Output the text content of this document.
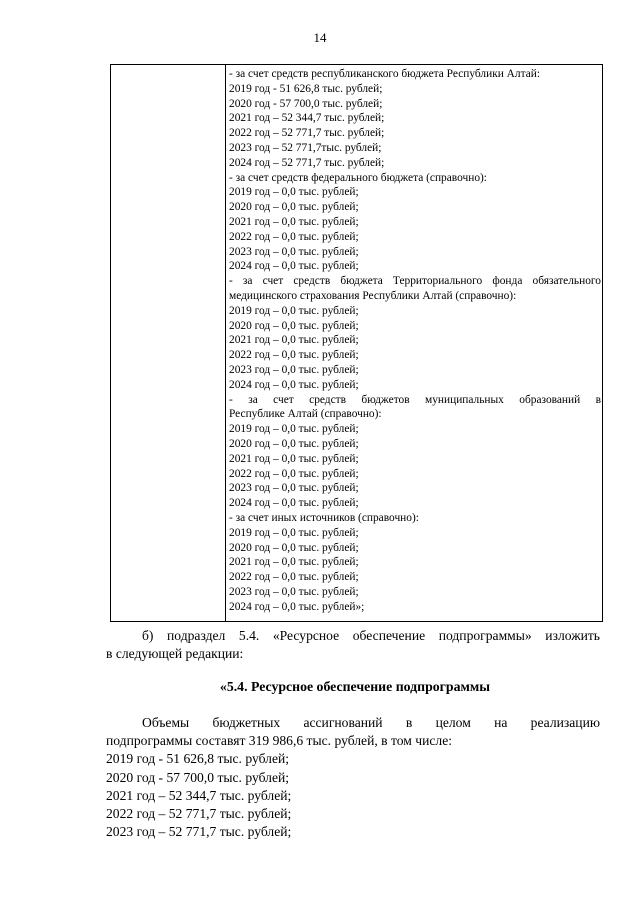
14
- за счет средств республиканского бюджета Республики Алтай:
2019 год - 51 626,8 тыс. рублей;
2020 год - 57 700,0 тыс. рублей;
2021 год – 52 344,7 тыс. рублей;
2022 год – 52 771,7 тыс. рублей;
2023 год – 52 771,7тыс. рублей;
2024 год – 52 771,7 тыс. рублей;
- за счет средств федерального бюджета (справочно):
2019 год – 0,0 тыс. рублей;
2020 год – 0,0 тыс. рублей;
2021 год – 0,0 тыс. рублей;
2022 год – 0,0 тыс. рублей;
2023 год – 0,0 тыс. рублей;
2024 год – 0,0 тыс. рублей;
- за счет средств бюджета Территориального фонда обязательного
медицинского страхования Республики Алтай (справочно):
2019 год – 0,0 тыс. рублей;
2020 год – 0,0 тыс. рублей;
2021 год – 0,0 тыс. рублей;
2022 год – 0,0 тыс. рублей;
2023 год – 0,0 тыс. рублей;
2024 год – 0,0 тыс. рублей;
- за счет средств бюджетов муниципальных образований в
Республике Алтай (справочно):
2019 год – 0,0 тыс. рублей;
2020 год – 0,0 тыс. рублей;
2021 год – 0,0 тыс. рублей;
2022 год – 0,0 тыс. рублей;
2023 год – 0,0 тыс. рублей;
2024 год – 0,0 тыс. рублей;
- за счет иных источников (справочно):
2019 год – 0,0 тыс. рублей;
2020 год – 0,0 тыс. рублей;
2021 год – 0,0 тыс. рублей;
2022 год – 0,0 тыс. рублей;
2023 год – 0,0 тыс. рублей;
2024 год – 0,0 тыс. рублей»;
б) подраздел 5.4. «Ресурсное обеспечение подпрограммы» изложить
в следующей редакции:
«5.4. Ресурсное обеспечение подпрограммы
Объемы бюджетных ассигнований в целом на реализацию
подпрограммы составят 319 986,6 тыс. рублей, в том числе:
2019 год - 51 626,8 тыс. рублей;
2020 год - 57 700,0 тыс. рублей;
2021 год – 52 344,7 тыс. рублей;
2022 год – 52 771,7 тыс. рублей;
2023 год – 52 771,7 тыс. рублей;
